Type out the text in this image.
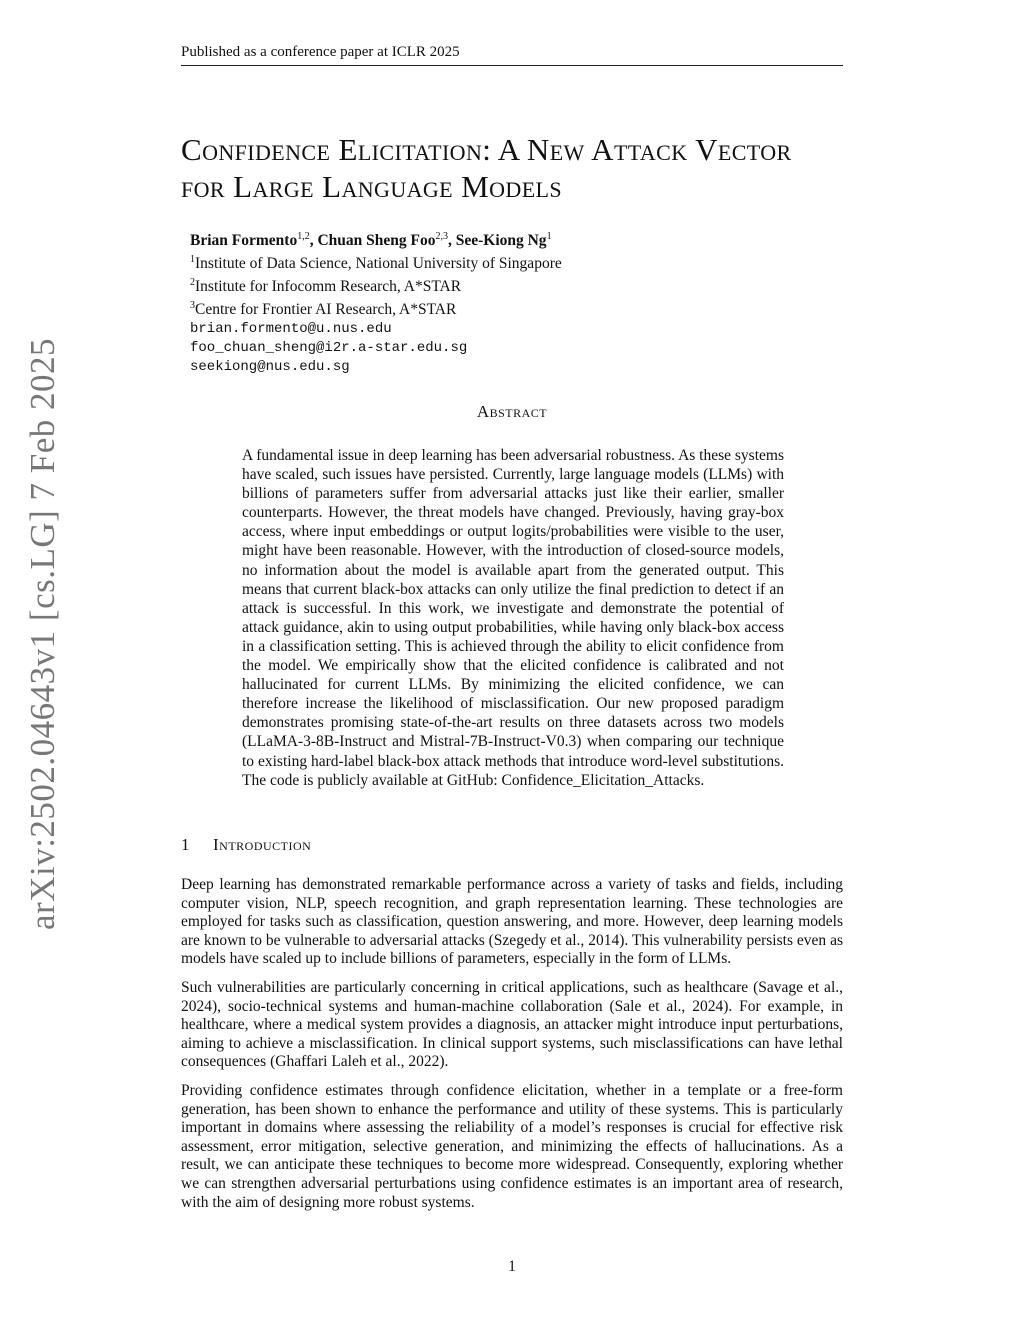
Published as a conference paper at ICLR 2025
arXiv:2502.04643v1 [cs.LG] 7 Feb 2025
Confidence Elicitation: A New Attack Vector
for Large Language Models
Brian Formento$^{1,2}$, Chuan Sheng Foo$^{2,3}$, See-Kiong Ng$^1$
$^1$Institute of Data Science, National University of Singapore
$^2$Institute for Infocomm Research, A*STAR
$^3$Centre for Frontier AI Research, A*STAR
brian.formento@u.nus.edu
foo_chuan_sheng@i2r.a-star.edu.sg
seekiong@nus.edu.sg
Abstract
A fundamental issue in deep learning has been adversarial robustness. As these systems have scaled, such issues have persisted. Currently, large language models (LLMs) with billions of parameters suffer from adversarial attacks just like their earlier, smaller counterparts. However, the threat models have changed. Previously, having gray-box access, where input embeddings or output logits/probabilities were visible to the user, might have been reasonable. However, with the introduction of closed-source models, no information about the model is available apart from the generated output. This means that current black-box attacks can only utilize the final prediction to detect if an attack is successful. In this work, we investigate and demonstrate the potential of attack guidance, akin to using output probabilities, while having only black-box access in a classification setting. This is achieved through the ability to elicit confidence from the model. We empirically show that the elicited confidence is calibrated and not hallucinated for current LLMs. By minimizing the elicited confidence, we can therefore increase the likelihood of misclassification. Our new proposed paradigm demonstrates promising state-of-the-art results on three datasets across two models (LLaMA-3-8B-Instruct and Mistral-7B-Instruct-V0.3) when comparing our technique to existing hard-label black-box attack methods that introduce word-level substitutions. The code is publicly available at GitHub: Confidence_Elicitation_Attacks.
1 Introduction

Deep learning has demonstrated remarkable performance across a variety of tasks and fields, including computer vision, NLP, speech recognition, and graph representation learning. These technologies are employed for tasks such as classification, question answering, and more. However, deep learning models are known to be vulnerable to adversarial attacks (Szegedy et al., 2014). This vulnerability persists even as models have scaled up to include billions of parameters, especially in the form of LLMs.

Such vulnerabilities are particularly concerning in critical applications, such as healthcare (Savage et al., 2024), socio-technical systems and human-machine collaboration (Sale et al., 2024). For example, in healthcare, where a medical system provides a diagnosis, an attacker might introduce input perturbations, aiming to achieve a misclassification. In clinical support systems, such misclassifications can have lethal consequences (Ghaffari Laleh et al., 2022).

Providing confidence estimates through confidence elicitation, whether in a template or a free-form generation, has been shown to enhance the performance and utility of these systems. This is particularly important in domains where assessing the reliability of a model’s responses is crucial for effective risk assessment, error mitigation, selective generation, and minimizing the effects of hallucinations. As a result, we can anticipate these techniques to become more widespread. Consequently, exploring whether we can strengthen adversarial perturbations using confidence estimates is an important area of research, with the aim of designing more robust systems.

1
